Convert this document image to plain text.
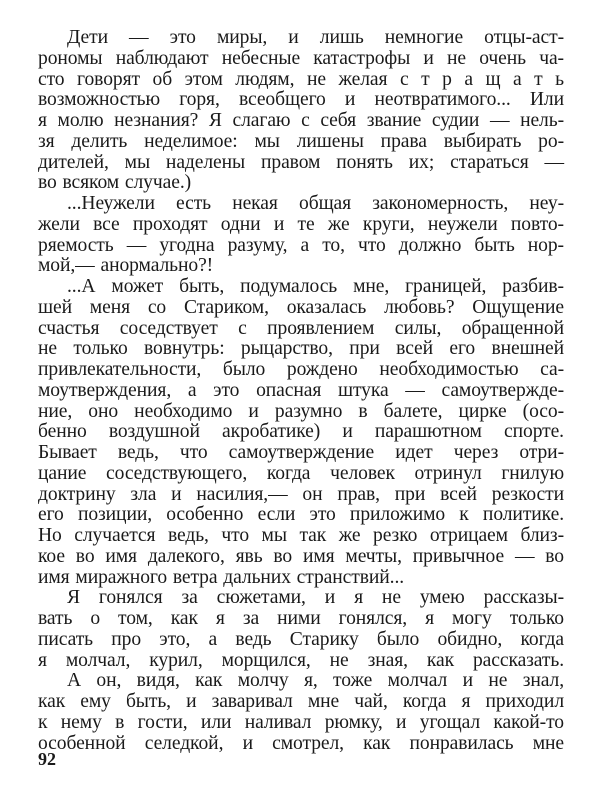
Дети — это миры, и лишь немногие отцы-аст-
рономы наблюдают небесные катастрофы и не очень ча-
сто говорят об этом людям, не желая с т р а щ а т ь
возможностью горя, всеобщего и неотвратимого... Или
я молю незнания? Я слагаю с себя звание судии — нель-
зя делить неделимое: мы лишены права выбирать ро-
дителей, мы наделены правом понять их; стараться —
во всяком случае.)
...Неужели есть некая общая закономерность, неу-
жели все проходят одни и те же круги, неужели повто-
ряемость — угодна разуму, а то, что должно быть нор-
мой,— анормально?!
...А может быть, подумалось мне, границей, разбив-
шей меня со Стариком, оказалась любовь? Ощущение
счастья соседствует с проявлением силы, обращенной
не только вовнутрь: рыцарство, при всей его внешней
привлекательности, было рождено необходимостью са-
моутверждения, а это опасная штука — самоутвержде-
ние, оно необходимо и разумно в балете, цирке (осо-
бенно воздушной акробатике) и парашютном спорте.
Бывает ведь, что самоутверждение идет через отри-
цание соседствующего, когда человек отринул гнилую
доктрину зла и насилия,— он прав, при всей резкости
его позиции, особенно если это приложимо к политике.
Но случается ведь, что мы так же резко отрицаем близ-
кое во имя далекого, явь во имя мечты, привычное — во
имя миражного ветра дальних странствий...
Я гонялся за сюжетами, и я не умею рассказы-
вать о том, как я за ними гонялся, я могу только
писать про это, а ведь Старику было обидно, когда
я молчал, курил, морщился, не зная, как рассказать.
А он, видя, как молчу я, тоже молчал и не знал,
как ему быть, и заваривал мне чай, когда я приходил
к нему в гости, или наливал рюмку, и угощал какой-то
особенной селедкой, и смотрел, как понравилась мне
92
